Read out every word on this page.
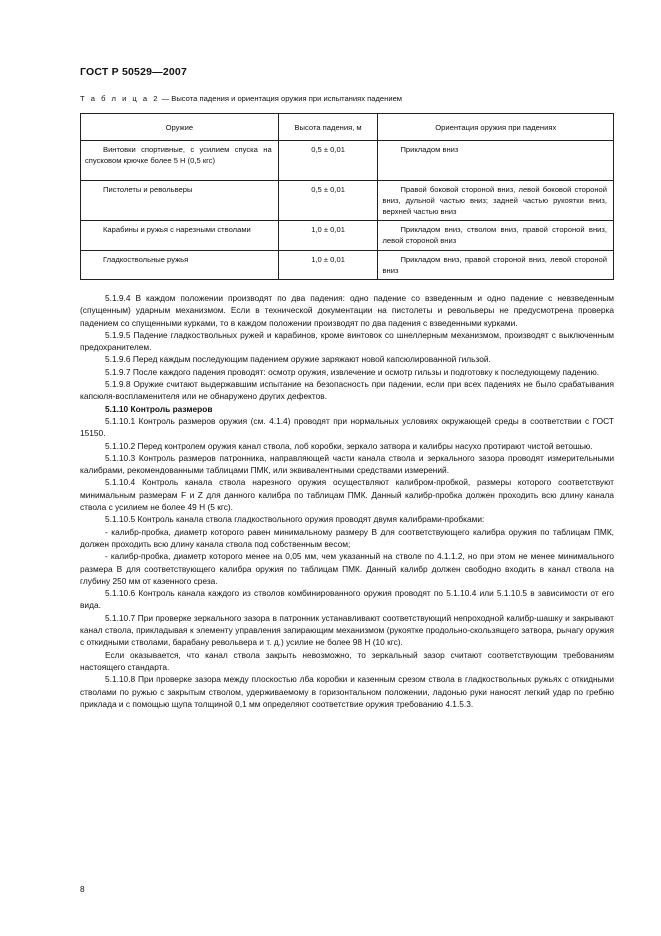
ГОСТ Р 50529—2007
Т а б л и ц а 2 — Высота падения и ориентация оружия при испытаниях падением
Оружие	Высота падения, м	Ориентация оружия при падениях
Винтовки спортивные, с усилием спуска на спусковом крючке более 5 Н (0,5 кгс)	0,5 ± 0,01	Прикладом вниз
Пистолеты и револьверы	0,5 ± 0,01	Правой боковой стороной вниз, левой боковой стороной вниз, дульной частью вниз; задней частью рукоятки вниз, верхней частью вниз
Карабины и ружья с нарезными стволами	1,0 ± 0,01	Прикладом вниз, стволом вниз, правой стороной вниз, левой стороной вниз
Гладкоствольные ружья	1,0 ± 0,01	Прикладом вниз, правой стороной вниз, левой стороной вниз

5.1.9.4 В каждом положении производят по два падения: одно падение со взведенным и одно падение с невзведенным (спущенным) ударным механизмом. Если в технической документации на пистолеты и револьверы не предусмотрена проверка падением со спущенными курками, то в каждом положении производят по два падения с взведенными курками.

5.1.9.5 Падение гладкоствольных ружей и карабинов, кроме винтовок со шнеллерным механизмом, производят с выключенным предохранителем.

5.1.9.6 Перед каждым последующим падением оружие заряжают новой капсюлированной гильзой.

5.1.9.7 После каждого падения проводят: осмотр оружия, извлечение и осмотр гильзы и подготовку к последующему падению.

5.1.9.8 Оружие считают выдержавшим испытание на безопасность при падении, если при всех падениях не было срабатывания капсюля-воспламенителя или не обнаружено других дефектов.

5.1.10 Контроль размеров

5.1.10.1 Контроль размеров оружия (см. 4.1.4) проводят при нормальных условиях окружающей среды в соответствии с ГОСТ 15150.

5.1.10.2 Перед контролем оружия канал ствола, лоб коробки, зеркало затвора и калибры насухо протирают чистой ветошью.

5.1.10.3 Контроль размеров патронника, направляющей части канала ствола и зеркального зазора проводят измерительными калибрами, рекомендованными таблицами ПМК, или эквивалентными средствами измерений.

5.1.10.4 Контроль канала ствола нарезного оружия осуществляют калибром-пробкой, размеры которого соответствуют минимальным размерам F и Z для данного калибра по таблицам ПМК. Данный калибр-пробка должен проходить всю длину канала ствола с усилием не более 49 Н (5 кгс).

5.1.10.5 Контроль канала ствола гладкоствольного оружия проводят двумя калибрами-пробками:

- калибр-пробка, диаметр которого равен минимальному размеру B для соответствующего калибра оружия по таблицам ПМК, должен проходить всю длину канала ствола под собственным весом;

- калибр-пробка, диаметр которого менее на 0,05 мм, чем указанный на стволе по 4.1.1.2, но при этом не менее минимального размера B для соответствующего калибра оружия по таблицам ПМК. Данный калибр должен свободно входить в канал ствола на глубину 250 мм от казенного среза.

5.1.10.6 Контроль канала каждого из стволов комбинированного оружия проводят по 5.1.10.4 или 5.1.10.5 в зависимости от его вида.

5.1.10.7 При проверке зеркального зазора в патронник устанавливают соответствующий непроходной калибр-шашку и закрывают канал ствола, прикладывая к элементу управления запирающим механизмом (рукоятке продольно-скользящего затвора, рычагу оружия с откидными стволами, барабану револьвера и т. д.) усилие не более 98 Н (10 кгс).

Если оказывается, что канал ствола закрыть невозможно, то зеркальный зазор считают соответствующим требованиям настоящего стандарта.

5.1.10.8 При проверке зазора между плоскостью лба коробки и казенным срезом ствола в гладкоствольных ружьях с откидными стволами по ружью с закрытым стволом, удерживаемому в горизонтальном положении, ладонью руки наносят легкий удар по гребню приклада и с помощью щупа толщиной 0,1 мм определяют соответствие оружия требованию 4.1.5.3.

8
